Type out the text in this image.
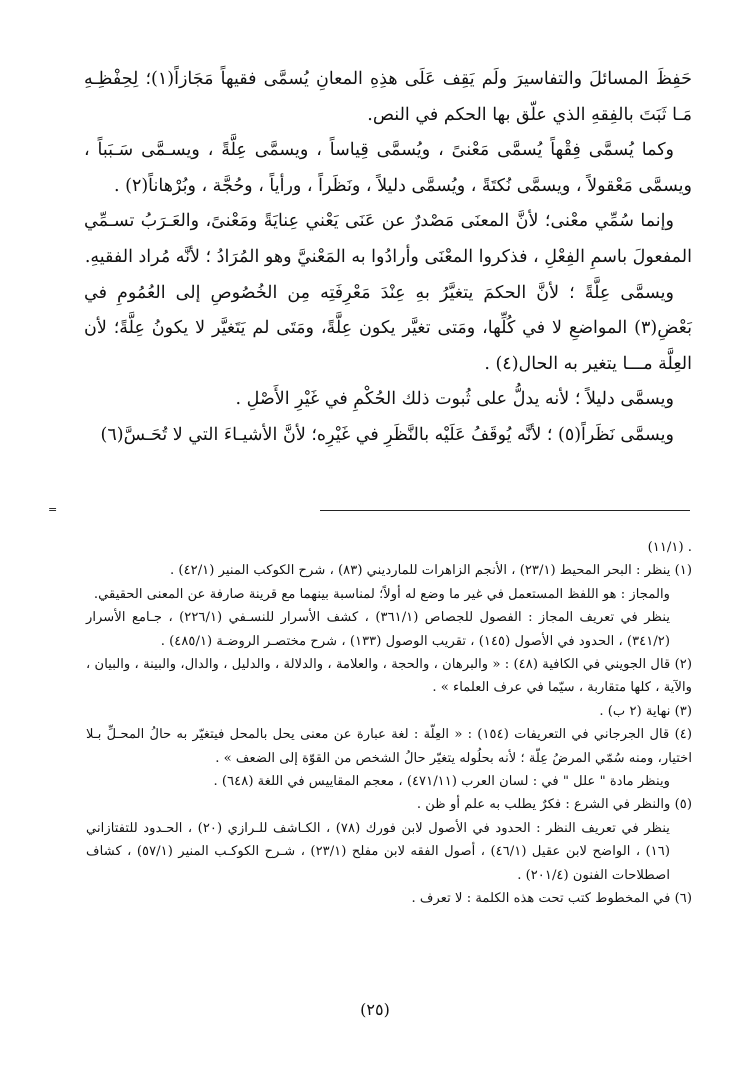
حَفِظَ المسائلَ والتفاسيرَ ولَم يَقِف عَلَى هذِهِ المعانِ يُسمَّى فقيهاً مَجَازاً(١)؛ لِحِفْظِـهِ مَـا ثَبَتَ بالفِقهِ الذي علّق بها الحكم في النص.

وكما يُسمَّى فِقْهاً يُسمَّى مَعْنىً ، ويُسمَّى قِياساً ، ويسمَّى عِلَّةً ، ويسـمَّى سَـبَباً ، ويسمَّى مَعْقولاً ، ويسمَّى نُكتَةً ، ويُسمَّى دليلاً ، ونَظَراً ، ورأياً ، وحُجَّة ، وبُرْهاناً(٢) .

وإنما سُمِّي معْنى؛ لأنَّ المعنَى مَصْدرٌ عن عَنَى يَعْني عِنايَةً ومَعْنىً، والعَـرَبُ تسـمِّي المفعولَ باسمِ الفِعْلِ ، فذكروا المعْنَى وأرادُوا به المَعْنيَّ وهو المُرَادُ ؛ لأنَّه مُراد الفقيهِ.

ويسمَّى عِلَّةً ؛ لأنَّ الحكمَ يتغيَّرُ بهِ عِنْدَ مَعْرِفَتِه مِن الخُصُوصِ إلى العُمُومِ في بَعْضِ(٣) المواضعِ لا في كُلِّها، ومَتى تغيَّر يكون عِلَّةً، ومَتَى لم يَتَغيَّر لا يكونُ عِلَّةً؛ لأن العِلَّة مـــا يتغير به الحال(٤) .

ويسمَّى دليلاً ؛ لأنه يدلُّ على ثُبوت ذلك الحُكْمِ في غَيْرِ الأَصْلِ .

ويسمَّى نَظَراً(٥) ؛ لأنَّه يُوقَفُ عَلَيْه بالنَّظَرِ في غَيْرِه؛ لأنَّ الأشيـاءَ التي لا تُحَـسَّ(٦)

=

. (١١/١)

(١) ينظر : البحر المحيط (٢٣/١) ، الأنجم الزاهرات للمارديني (٨٣) ، شرح الكوكب المنير (٤٢/١) .

والمجاز : هو اللفظ المستعمل في غير ما وضع له أولاً؛ لمناسبة بينهما مع قرينة صارفة عن المعنى الحقيقي.

ينظر في تعريف المجاز : الفصول للجصاص (٣٦١/١) ، كشف الأسرار للنسـفي (٢٢٦/١) ، جـامع الأسرار (٣٤١/٢) ، الحدود في الأصول (١٤٥) ، تقريب الوصول (١٣٣) ، شرح مختصـر الروضـة (٤٨٥/١) .

(٢) قال الجويني في الكافية (٤٨) : « والبرهان ، والحجة ، والعلامة ، والدلالة ، والدليل ، والدال، والبينة ، والبيان ، والآية ، كلها متقاربة ، سيّما في عرف العلماء » .

(٣) نهاية (٢ ب) .

(٤) قال الجرجاني في التعريفات (١٥٤) : « العِلّة : لغة عبارة عن معنى يحل بالمحل فيتغيّر به حالُ المحـلِّ بـلا اختيار، ومنه سُمّي المرضُ عِلّة ؛ لأنه بحلُوله يتغيّر حالُ الشخص من القوّة إلى الضعف » .

وينظر مادة " علل " في : لسان العرب (٤٧١/١١) ، معجم المقاييس في اللغة (٦٤٨) .

(٥) والنظر في الشرع : فكرٌ يطلب به علم أو ظن .

ينظر في تعريف النظر : الحدود في الأصول لابن فورك (٧٨) ، الكـاشف للـرازي (٢٠) ، الحـدود للتفتازاني (١٦) ، الواضح لابن عقيل (٤٦/١) ، أصول الفقه لابن مفلح (٢٣/١) ، شـرح الكوكـب المنير (٥٧/١) ، كشاف اصطلاحات الفنون (٢٠١/٤) .

(٦) في المخطوط كتب تحت هذه الكلمة : لا تعرف .

(٢٥)
